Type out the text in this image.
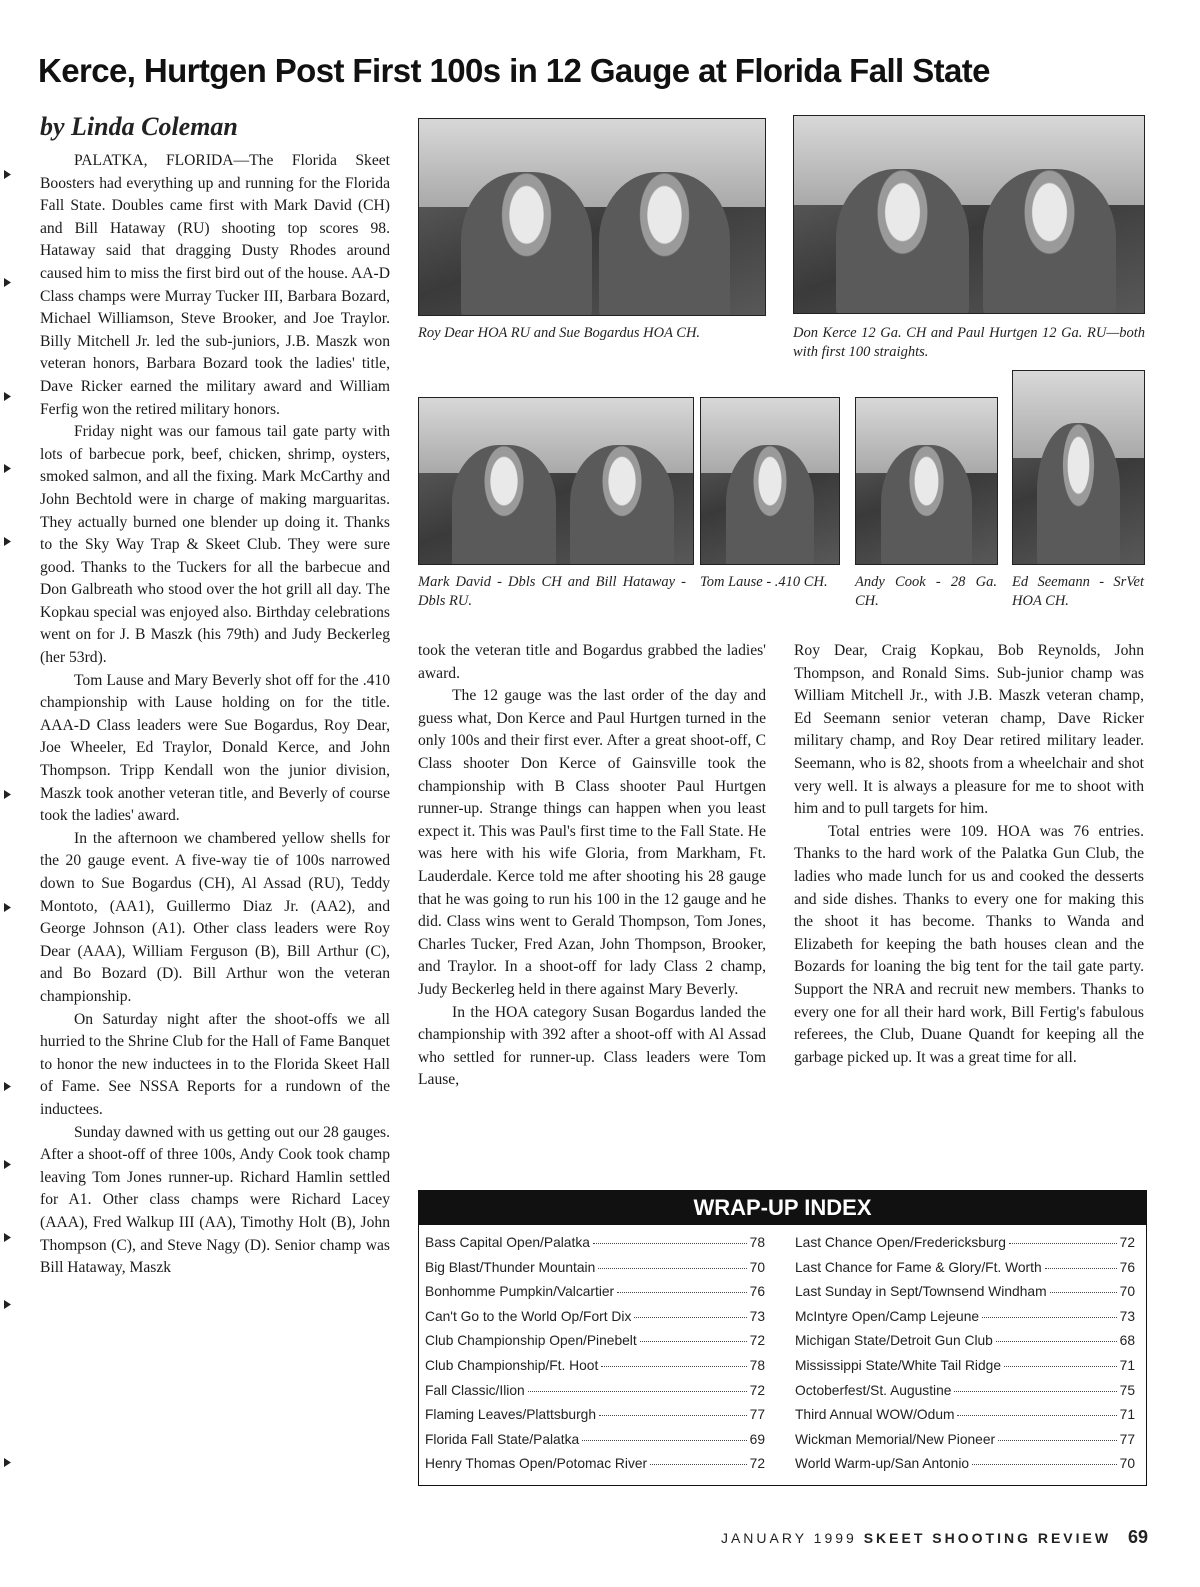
Kerce, Hurtgen Post First 100s in 12 Gauge at Florida Fall State
by Linda Coleman

PALATKA, FLORIDA—The Florida Skeet Boosters had everything up and running for the Florida Fall State. Doubles came first with Mark David (CH) and Bill Hataway (RU) shooting top scores 98. Hataway said that dragging Dusty Rhodes around caused him to miss the first bird out of the house. AA-D Class champs were Murray Tucker III, Barbara Bozard, Michael Williamson, Steve Brooker, and Joe Traylor. Billy Mitchell Jr. led the sub-juniors, J.B. Maszk won veteran honors, Barbara Bozard took the ladies' title, Dave Ricker earned the military award and William Ferfig won the retired military honors.

Friday night was our famous tail gate party with lots of barbecue pork, beef, chicken, shrimp, oysters, smoked salmon, and all the fixing. Mark McCarthy and John Bechtold were in charge of making marguaritas. They actually burned one blender up doing it. Thanks to the Sky Way Trap & Skeet Club. They were sure good. Thanks to the Tuckers for all the barbecue and Don Galbreath who stood over the hot grill all day. The Kopkau special was enjoyed also. Birthday celebrations went on for J. B Maszk (his 79th) and Judy Beckerleg (her 53rd).

Tom Lause and Mary Beverly shot off for the .410 championship with Lause holding on for the title. AAA-D Class leaders were Sue Bogardus, Roy Dear, Joe Wheeler, Ed Traylor, Donald Kerce, and John Thompson. Tripp Kendall won the junior division, Maszk took another veteran title, and Beverly of course took the ladies' award.

In the afternoon we chambered yellow shells for the 20 gauge event. A five-way tie of 100s narrowed down to Sue Bogardus (CH), Al Assad (RU), Teddy Montoto, (AA1), Guillermo Diaz Jr. (AA2), and George Johnson (A1). Other class leaders were Roy Dear (AAA), William Ferguson (B), Bill Arthur (C), and Bo Bozard (D). Bill Arthur won the veteran championship.

On Saturday night after the shoot-offs we all hurried to the Shrine Club for the Hall of Fame Banquet to honor the new inductees in to the Florida Skeet Hall of Fame. See NSSA Reports for a rundown of the inductees.

Sunday dawned with us getting out our 28 gauges. After a shoot-off of three 100s, Andy Cook took champ leaving Tom Jones runner-up. Richard Hamlin settled for A1. Other class champs were Richard Lacey (AAA), Fred Walkup III (AA), Timothy Holt (B), John Thompson (C), and Steve Nagy (D). Senior champ was Bill Hataway, Maszk

Roy Dear HOA RU and Sue Bogardus HOA CH.	Don Kerce 12 Ga. CH and Paul Hurtgen 12 Ga. RU—both with first 100 straights.
Mark David - Dbls CH and Bill Hataway - Dbls RU.
Tom Lause - .410 CH.	Andy Cook - 28 Ga. CH.
Ed Seemann - SrVet HOA CH.

took the veteran title and Bogardus grabbed the ladies' award.

The 12 gauge was the last order of the day and guess what, Don Kerce and Paul Hurtgen turned in the only 100s and their first ever. After a great shoot-off, C Class shooter Don Kerce of Gainsville took the championship with B Class shooter Paul Hurtgen runner-up. Strange things can happen when you least expect it. This was Paul's first time to the Fall State. He was here with his wife Gloria, from Markham, Ft. Lauderdale. Kerce told me after shooting his 28 gauge that he was going to run his 100 in the 12 gauge and he did. Class wins went to Gerald Thompson, Tom Jones, Charles Tucker, Fred Azan, John Thompson, Brooker, and Traylor. In a shoot-off for lady Class 2 champ, Judy Beckerleg held in there against Mary Beverly.

In the HOA category Susan Bogardus landed the championship with 392 after a shoot-off with Al Assad who settled for runner-up. Class leaders were Tom Lause,

Roy Dear, Craig Kopkau, Bob Reynolds, John Thompson, and Ronald Sims. Sub-junior champ was William Mitchell Jr., with J.B. Maszk veteran champ, Ed Seemann senior veteran champ, Dave Ricker military champ, and Roy Dear retired military leader. Seemann, who is 82, shoots from a wheelchair and shot very well. It is always a pleasure for me to shoot with him and to pull targets for him.

Total entries were 109. HOA was 76 entries. Thanks to the hard work of the Palatka Gun Club, the ladies who made lunch for us and cooked the desserts and side dishes. Thanks to every one for making this the shoot it has become. Thanks to Wanda and Elizabeth for keeping the bath houses clean and the Bozards for loaning the big tent for the tail gate party. Support the NRA and recruit new members. Thanks to every one for all their hard work, Bill Fertig's fabulous referees, the Club, Duane Quandt for keeping all the garbage picked up. It was a great time for all.

WRAP-UP INDEX
Bass Capital Open/Palatka	78
Big Blast/Thunder Mountain	70
Bonhomme Pumpkin/Valcartier	76
Can't Go to the World Op/Fort Dix	73
Club Championship Open/Pinebelt	72
Club Championship/Ft. Hoot	78
Fall Classic/Ilion	72
Flaming Leaves/Plattsburgh	77
Florida Fall State/Palatka	69
Henry Thomas Open/Potomac River	72
Last Chance Open/Fredericksburg	72
Last Chance for Fame & Glory/Ft. Worth	76
Last Sunday in Sept/Townsend Windham	70
McIntyre Open/Camp Lejeune	73
Michigan State/Detroit Gun Club	68
Mississippi State/White Tail Ridge	71
Octoberfest/St. Augustine	75
Third Annual WOW/Odum	71
Wickman Memorial/New Pioneer	77
World Warm-up/San Antonio	70
JANUARY 1999 SKEET SHOOTING REVIEW 69
